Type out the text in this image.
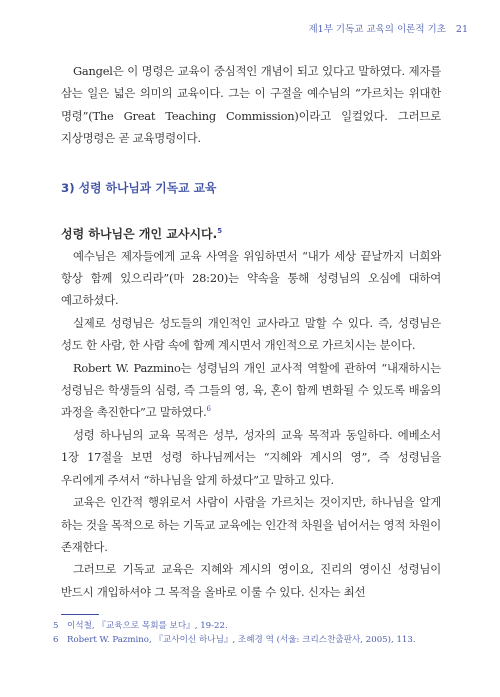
제1부 기독교 교육의 이론적 기초 21

Gangel은 이 명령은 교육이 중심적인 개념이 되고 있다고 말하였다. 제자를 삼는 일은 넓은 의미의 교육이다. 그는 이 구절을 예수님의 “가르치는 위대한 명령”(The Great Teaching Commission)이라고 일컬었다. 그러므로 지상명령은 곧 교육명령이다.

3) 성령 하나님과 기독교 교육
성령 하나님은 개인 교사시다.$^5$

예수님은 제자들에게 교육 사역을 위임하면서 “내가 세상 끝날까지 너희와 항상 함께 있으리라”(마 28:20)는 약속을 통해 성령님의 오심에 대하여 예고하셨다.

실제로 성령님은 성도들의 개인적인 교사라고 말할 수 있다. 즉, 성령님은 성도 한 사람, 한 사람 속에 함께 계시면서 개인적으로 가르치시는 분이다.

Robert W. Pazmino는 성령님의 개인 교사적 역할에 관하여 “내재하시는 성령님은 학생들의 심령, 즉 그들의 영, 육, 혼이 함께 변화될 수 있도록 배움의 과정을 촉진한다”고 말하였다.$^6$

성령 하나님의 교육 목적은 성부, 성자의 교육 목적과 동일하다. 에베소서 1장 17절을 보면 성령 하나님께서는 “지혜와 계시의 영”, 즉 성령님을 우리에게 주셔서 “하나님을 알게 하셨다”고 말하고 있다.

교육은 인간적 행위로서 사람이 사람을 가르치는 것이지만, 하나님을 알게 하는 것을 목적으로 하는 기독교 교육에는 인간적 차원을 넘어서는 영적 차원이 존재한다.

그러므로 기독교 교육은 지혜와 계시의 영이요, 진리의 영이신 성령님이 반드시 개입하셔야 그 목적을 올바로 이룰 수 있다. 신자는 최선

5 이석철, 『교육으로 목회를 보다』, 19-22.
6 Robert W. Pazmino, 『교사이신 하나님』, 조혜경 역 (서울: 크리스찬출판사, 2005), 113.
